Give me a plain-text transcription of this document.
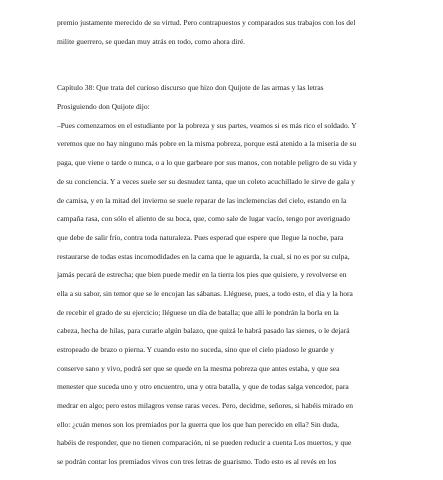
premio justamente merecido de su virtud. Pero contrapuestos y comparados sus trabajos con los del
milite guerrero, se quedan muy atrás en todo, como ahora diré.
Capítulo 38: Que trata del curioso discurso que hizo don Quijote de las armas y las letras
Prosiguiendo don Quijote dijo:
–Pues comenzamos en el estudiante por la pobreza y sus partes, veamos si es más rico el soldado. Y
veremos que no hay ninguno más pobre en la misma pobreza, porque está atenido a la miseria de su
paga, que viene o tarde o nunca, o a lo que garbeare por sus manos, con notable peligro de su vida y
de su conciencia. Y a veces suele ser su desnudez tanta, que un coleto acuchillado le sirve de gala y
de camisa, y en la mitad del invierno se suele reparar de las inclemencias del cielo, estando en la
campaña rasa, con sólo el aliento de su boca, que, como sale de lugar vacío, tengo por averiguado
que debe de salir frío, contra toda naturaleza. Pues esperad que espere que llegue la noche, para
restaurarse de todas estas incomodidades en la cama que le aguarda, la cual, si no es por su culpa,
jamás pecará de estrecha; que bien puede medir en la tierra los pies que quisiere, y revolverse en
ella a su sabor, sin temor que se le encojan las sábanas. Lléguese, pues, a todo esto, el día y la hora
de recebir el grado de su ejercicio; lléguese un día de batalla; que allí le pondrán la borla en la
cabeza, hecha de hilas, para curarle algún balazo, que quizá le habrá pasado las sienes, o le dejará
estropeado de brazo o pierna. Y cuando esto no suceda, sino que el cielo piadoso le guarde y
conserve sano y vivo, podrá ser que se quede en la mesma pobreza que antes estaba, y que sea
menester que suceda uno y otro encuentro, una y otra batalla, y que de todas salga vencedor, para
medrar en algo; pero estos milagros vense raras veces. Pero, decidme, señores, si habéis mirado en
ello: ¿cuán menos son los premiados por la guerra que los que han perecido en ella? Sin duda,
habéis de responder, que no tienen comparación, ni se pueden reducir a cuenta Los muertos, y que
se podrán contar los premiados vivos con tres letras de guarismo. Todo esto es al revés en los
